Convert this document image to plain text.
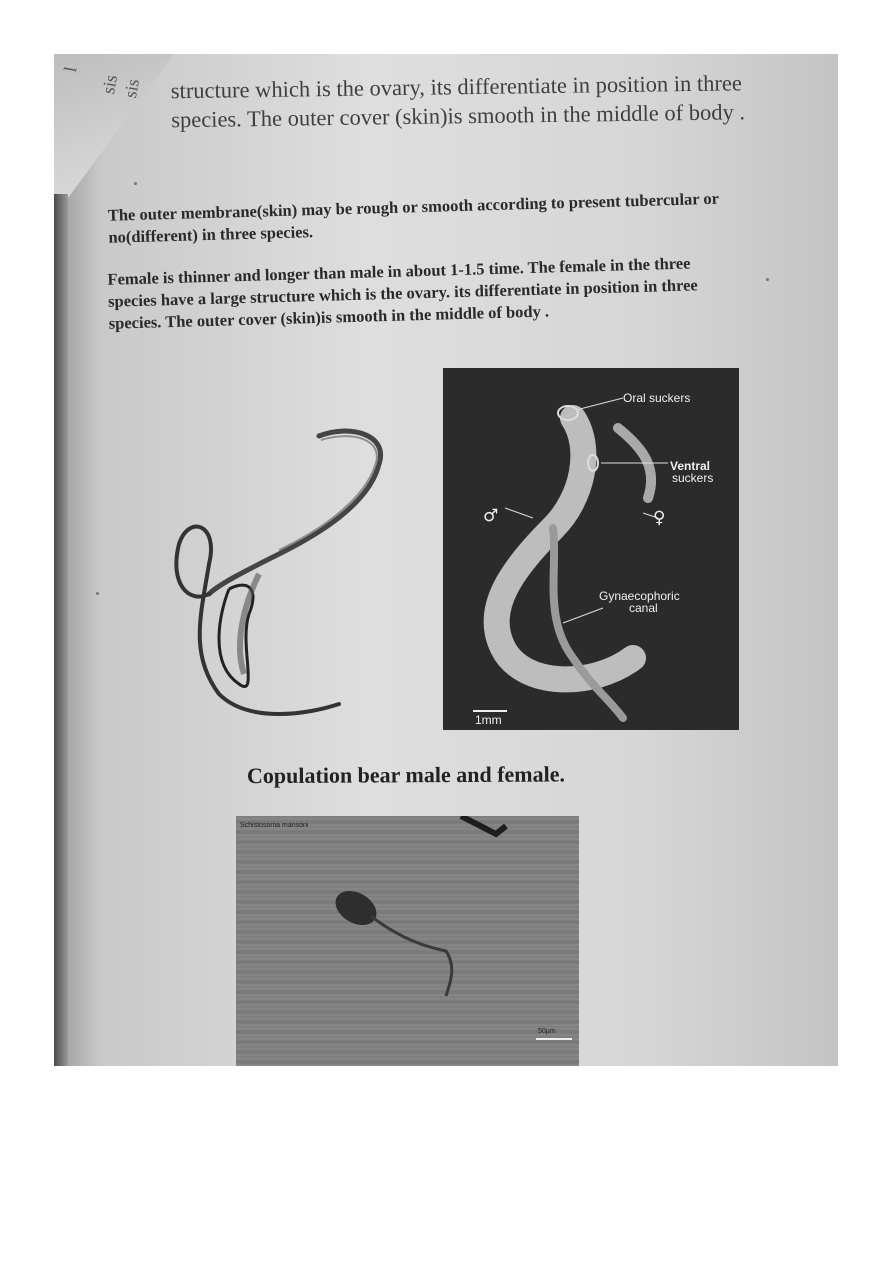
sis
sis
l
structure which is the ovary, its differentiate in position in three species. The outer cover (skin)is smooth in the middle of body .
The outer membrane(skin) may be rough or smooth according to present tubercular or no(different) in three species.
Female is thinner and longer than male in about 1-1.5 time. The female in the three species have a large structure which is the ovary. its differentiate in position in three species. The outer cover (skin)is smooth in the middle of body .
Oral suckers
Ventral
suckers
♂	♀
Gynaecophoric
canal
1mm
Copulation bear male and female.
Schistosoma mansoni
50µm
